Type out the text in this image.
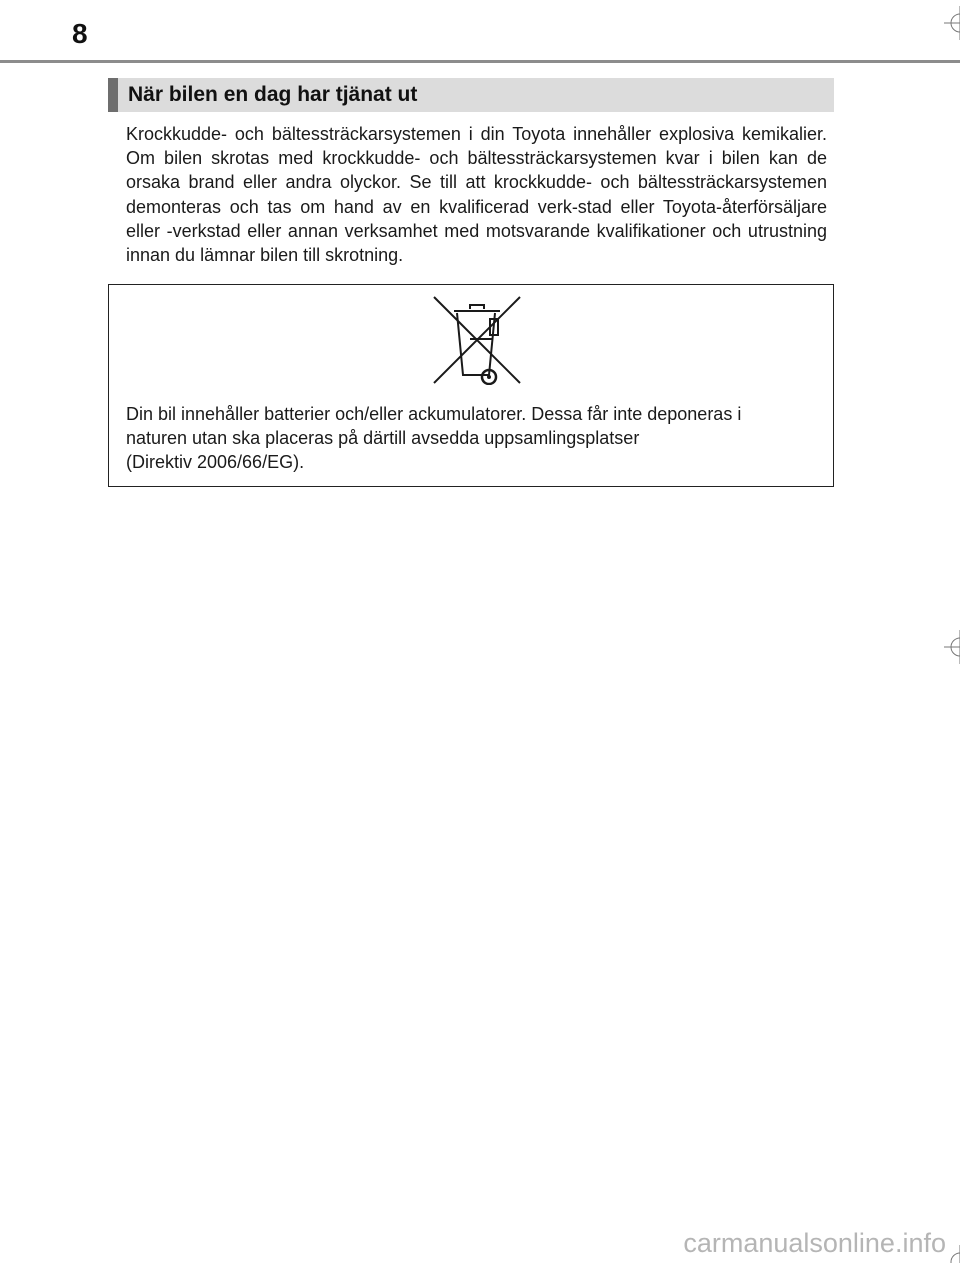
8
När bilen en dag har tjänat ut

Krockkudde- och bältessträckarsystemen i din Toyota innehåller explosiva kemikalier. Om bilen skrotas med krockkudde- och bältessträckarsystemen kvar i bilen kan de orsaka brand eller andra olyckor. Se till att krockkudde- och bältessträckarsystemen demonteras och tas om hand av en kvalificerad verk-stad eller Toyota-återförsäljare eller -verkstad eller annan verksamhet med motsvarande kvalifikationer och utrustning innan du lämnar bilen till skrotning.

Din bil innehåller batterier och/eller ackumulatorer. Dessa får inte deponeras i
naturen utan ska placeras på därtill avsedda uppsamlingsplatser
(Direktiv 2006/66/EG).

carmanualsonline.info
